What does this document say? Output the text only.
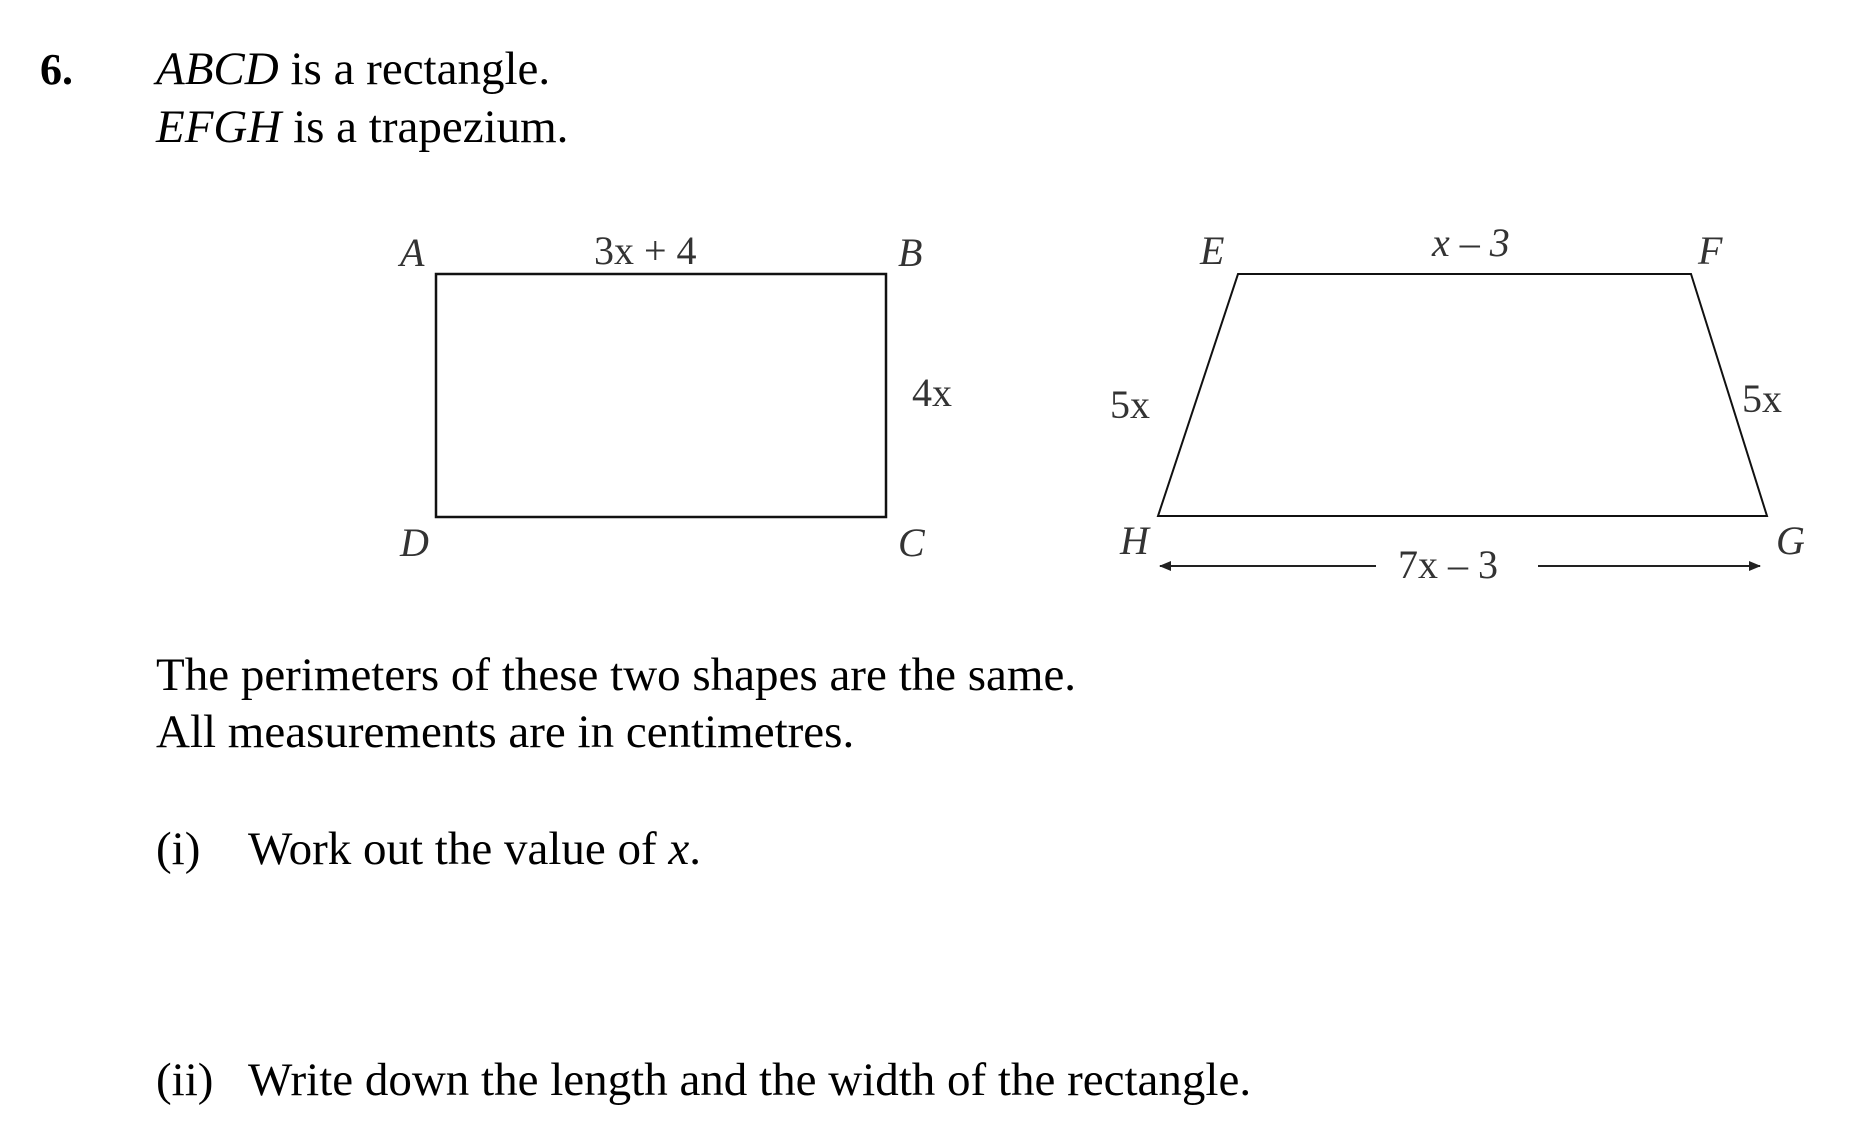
6. ABCD is a rectangle.
EFGH is a trapezium.
A	B
C
D
3x + 4
4x
E	F
G
H
x – 3
5x	5x
7x – 3
The perimeters of these two shapes are the same.
All measurements are in centimetres.
(i) Work out the value of x.
(ii) Write down the length and the width of the rectangle.
